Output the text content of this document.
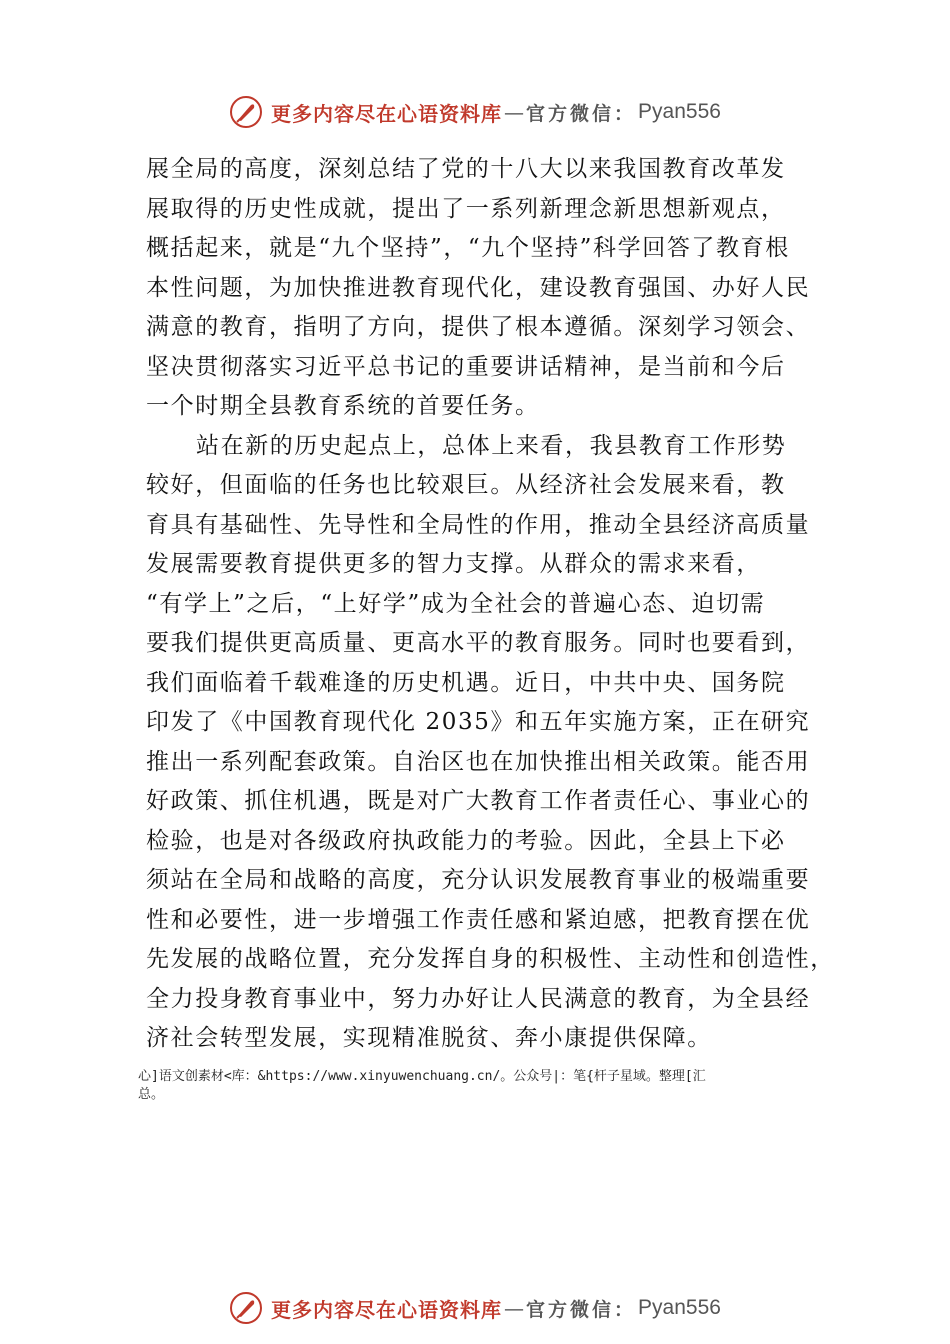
更多内容尽在心语资料库 — 官方微信： Pyan556
展全局的高度，深刻总结了党的十八大以来我国教育改革发
展取得的历史性成就，提出了一系列新理念新思想新观点，
概括起来，就是“九个坚持”，“九个坚持”科学回答了教育根
本性问题，为加快推进教育现代化，建设教育强国、办好人民
满意的教育，指明了方向，提供了根本遵循。深刻学习领会、
坚决贯彻落实习近平总书记的重要讲话精神，是当前和今后
一个时期全县教育系统的首要任务。
站在新的历史起点上，总体上来看，我县教育工作形势
较好，但面临的任务也比较艰巨。从经济社会发展来看，教
育具有基础性、先导性和全局性的作用，推动全县经济高质量
发展需要教育提供更多的智力支撑。从群众的需求来看，
“有学上”之后，“上好学”成为全社会的普遍心态、迫切需
要我们提供更高质量、更高水平的教育服务。同时也要看到，
我们面临着千载难逢的历史机遇。近日，中共中央、国务院
印发了《中国教育现代化 2035》和五年实施方案，正在研究
推出一系列配套政策。自治区也在加快推出相关政策。能否用
好政策、抓住机遇，既是对广大教育工作者责任心、事业心的
检验，也是对各级政府执政能力的考验。因此，全县上下必
须站在全局和战略的高度，充分认识发展教育事业的极端重要
性和必要性，进一步增强工作责任感和紧迫感，把教育摆在优
先发展的战略位置，充分发挥自身的积极性、主动性和创造性，
全力投身教育事业中，努力办好让人民满意的教育，为全县经
济社会转型发展，实现精准脱贫、奔小康提供保障。
心]语文创素材<库：&https://www.xinyuwenchuang.cn/。公众号|：笔{杆子星域。整理[汇
总。
更多内容尽在心语资料库 — 官方微信： Pyan556
